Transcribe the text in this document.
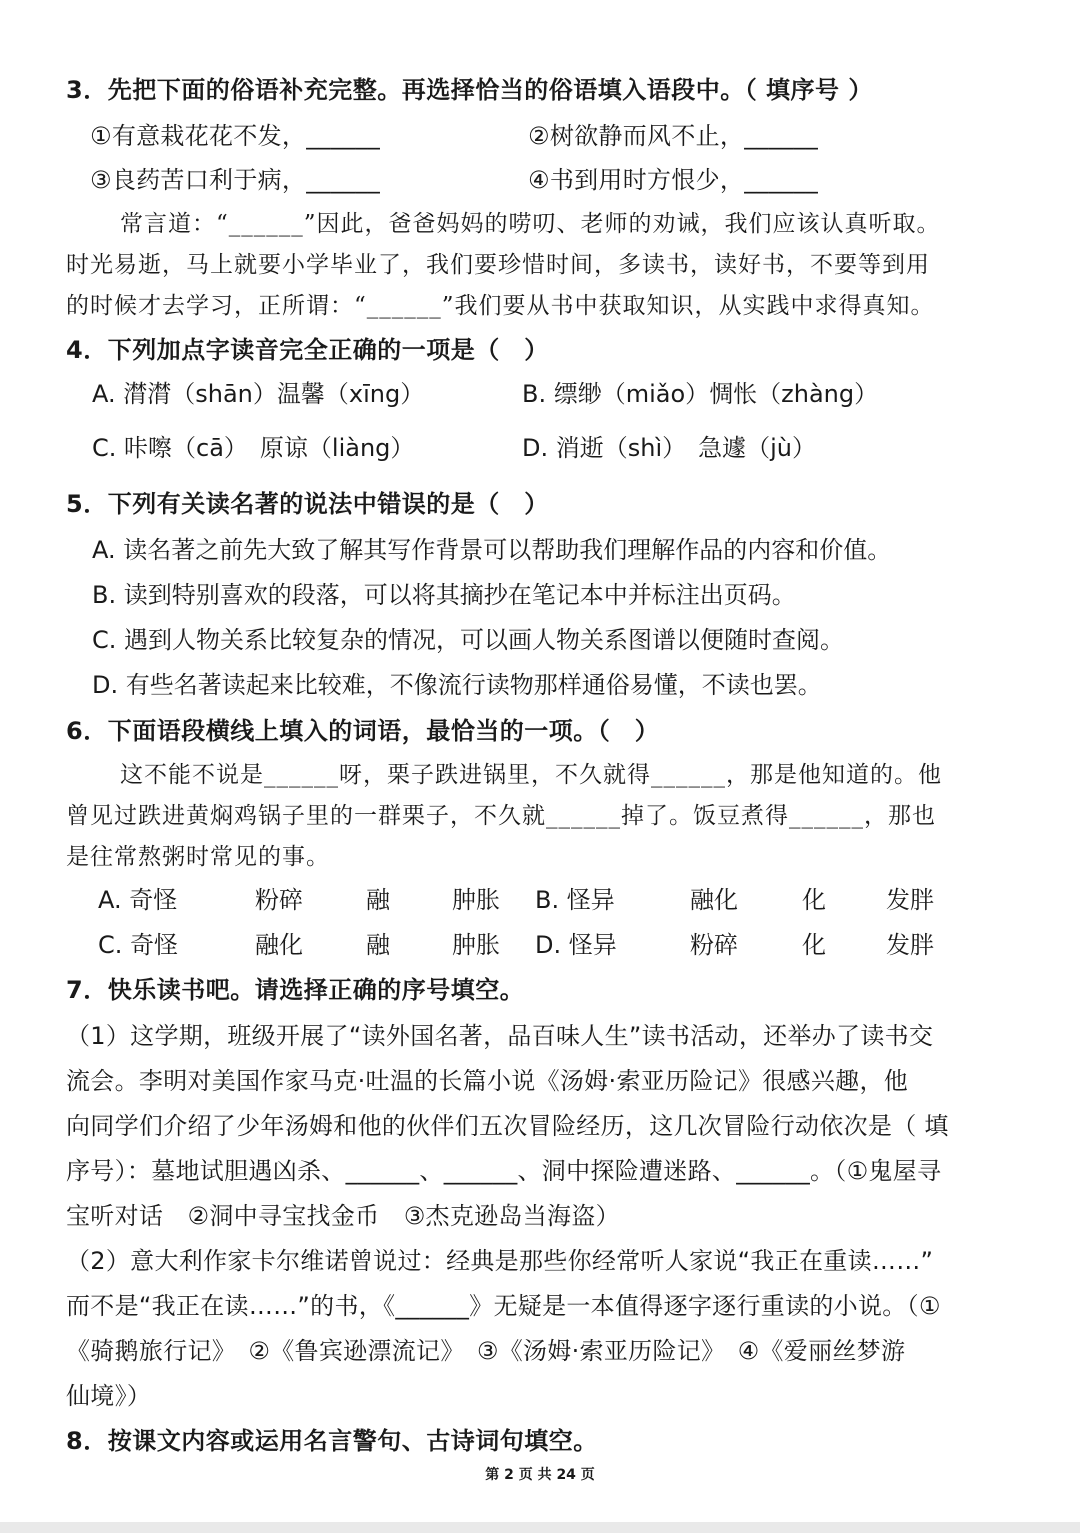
3．先把下面的俗语补充完整。再选择恰当的俗语填入语段中。（ 填序号 ）
①有意栽花花不发，______	②树欲静而风不止，______
③良药苦口利于病，______	④书到用时方恨少，______
常言道：“______”因此，爸爸妈妈的唠叨、老师的劝诫，我们应该认真听取。
时光易逝，马上就要小学毕业了，我们要珍惜时间，多读书，读好书，不要等到用
的时候才去学习，正所谓：“______”我们要从书中获取知识，从实践中求得真知。
4．下列加点字读音完全正确的一项是（　）
A. 潸潸（shān）温馨（xīng）	B. 缥缈（miǎo）惆怅（zhàng）
C. 咔嚓（cā）　原谅（liàng）	D. 消逝（shì）　急遽（jù）
5．下列有关读名著的说法中错误的是（　）
A. 读名著之前先大致了解其写作背景可以帮助我们理解作品的内容和价值。
B. 读到特别喜欢的段落，可以将其摘抄在笔记本中并标注出页码。
C. 遇到人物关系比较复杂的情况，可以画人物关系图谱以便随时查阅。
D. 有些名著读起来比较难，不像流行读物那样通俗易懂，不读也罢。
6．下面语段横线上填入的词语，最恰当的一项。（　）
这不能不说是______呀，栗子跌进锅里，不久就得______，那是他知道的。他
曾见过跌进黄焖鸡锅子里的一群栗子，不久就______掉了。饭豆煮得______，那也
是往常熬粥时常见的事。
A. 奇怪	粉碎	融	肿胀 B. 怪异	融化	化	发胖
C. 奇怪	融化	融	肿胀 D. 怪异	粉碎	化	发胖
7．快乐读书吧。请选择正确的序号填空。
（1）这学期，班级开展了“读外国名著，品百味人生”读书活动，还举办了读书交
流会。李明对美国作家马克·吐温的长篇小说《汤姆·索亚历险记》很感兴趣，他
向同学们介绍了少年汤姆和他的伙伴们五次冒险经历，这几次冒险行动依次是（ 填
序号）：墓地试胆遇凶杀、______、______、洞中探险遭迷路、______。（①鬼屋寻
宝听对话　②洞中寻宝找金币　③杰克逊岛当海盗）
（2）意大利作家卡尔维诺曾说过：经典是那些你经常听人家说“我正在重读……”
而不是“我正在读……”的书，《______》无疑是一本值得逐字逐行重读的小说。（①
《骑鹅旅行记》　②《鲁宾逊漂流记》　③《汤姆·索亚历险记》　④《爱丽丝梦游
仙境》）
8．按课文内容或运用名言警句、古诗词句填空。
第 2 页 共 24 页
